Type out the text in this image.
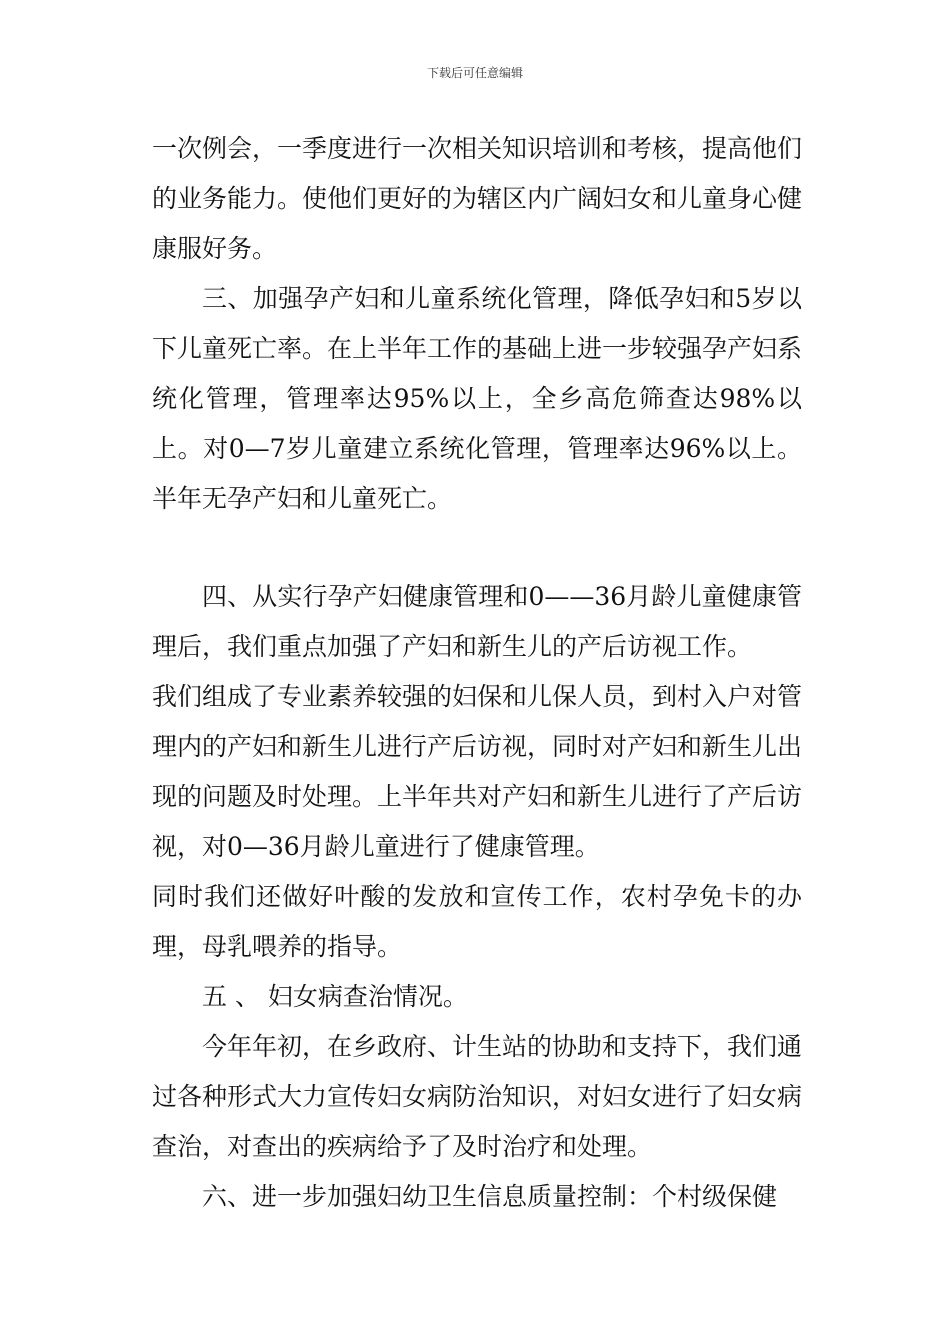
下载后可任意编辑

一次例会，一季度进行一次相关知识培训和考核，提高他们的业务能力。使他们更好的为辖区内广阔妇女和儿童身心健康服好务。

三、加强孕产妇和儿童系统化管理，降低孕妇和5岁以下儿童死亡率。在上半年工作的基础上进一步较强孕产妇系统化管理，管理率达95%以上，全乡高危筛查达98%以上。对0—7岁儿童建立系统化管理，管理率达96%以上。半年无孕产妇和儿童死亡。

四、从实行孕产妇健康管理和0——36月龄儿童健康管理后，我们重点加强了产妇和新生儿的产后访视工作。

我们组成了专业素养较强的妇保和儿保人员，到村入户对管理内的产妇和新生儿进行产后访视，同时对产妇和新生儿出现的问题及时处理。上半年共对产妇和新生儿进行了产后访视，对0—36月龄儿童进行了健康管理。

同时我们还做好叶酸的发放和宣传工作，农村孕免卡的办理，母乳喂养的指导。

五 、 妇女病查治情况。

今年年初，在乡政府、计生站的协助和支持下，我们通过各种形式大力宣传妇女病防治知识，对妇女进行了妇女病查治，对查出的疾病给予了及时治疗和处理。

六、进一步加强妇幼卫生信息质量控制：个村级保健
